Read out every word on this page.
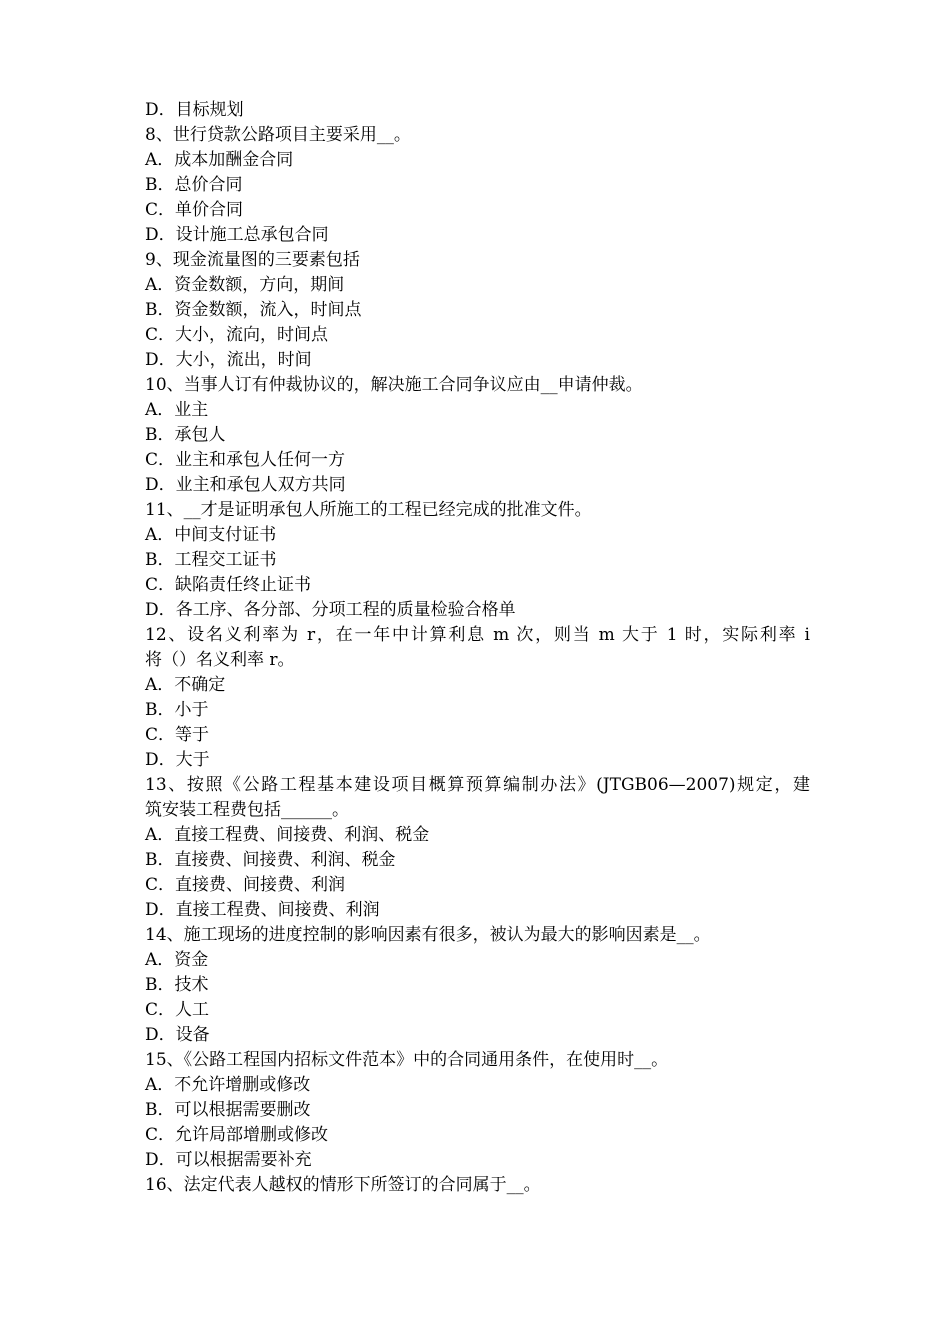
D．目标规划
8、世行贷款公路项目主要采用__。
A．成本加酬金合同
B．总价合同
C．单价合同
D．设计施工总承包合同
9、现金流量图的三要素包括
A．资金数额，方向，期间
B．资金数额，流入，时间点
C．大小，流向，时间点
D．大小，流出，时间
10、当事人订有仲裁协议的，解决施工合同争议应由__申请仲裁。
A．业主
B．承包人
C．业主和承包人任何一方
D．业主和承包人双方共同
11、__才是证明承包人所施工的工程已经完成的批准文件。
A．中间支付证书
B．工程交工证书
C．缺陷责任终止证书
D．各工序、各分部、分项工程的质量检验合格单
12、设名义利率为 r，在一年中计算利息 m 次，则当 m 大于 1 时，实际利率 i
将（）名义利率 r。
A．不确定
B．小于
C．等于
D．大于
13、按照《公路工程基本建设项目概算预算编制办法》(JTGB06—2007)规定，建
筑安装工程费包括______。
A．直接工程费、间接费、利润、税金
B．直接费、间接费、利润、税金
C．直接费、间接费、利润
D．直接工程费、间接费、利润
14、施工现场的进度控制的影响因素有很多，被认为最大的影响因素是__。
A．资金
B．技术
C．人工
D．设备
15、《公路工程国内招标文件范本》中的合同通用条件，在使用时__。
A．不允许增删或修改
B．可以根据需要删改
C．允许局部增删或修改
D．可以根据需要补充
16、法定代表人越权的情形下所签订的合同属于__。
